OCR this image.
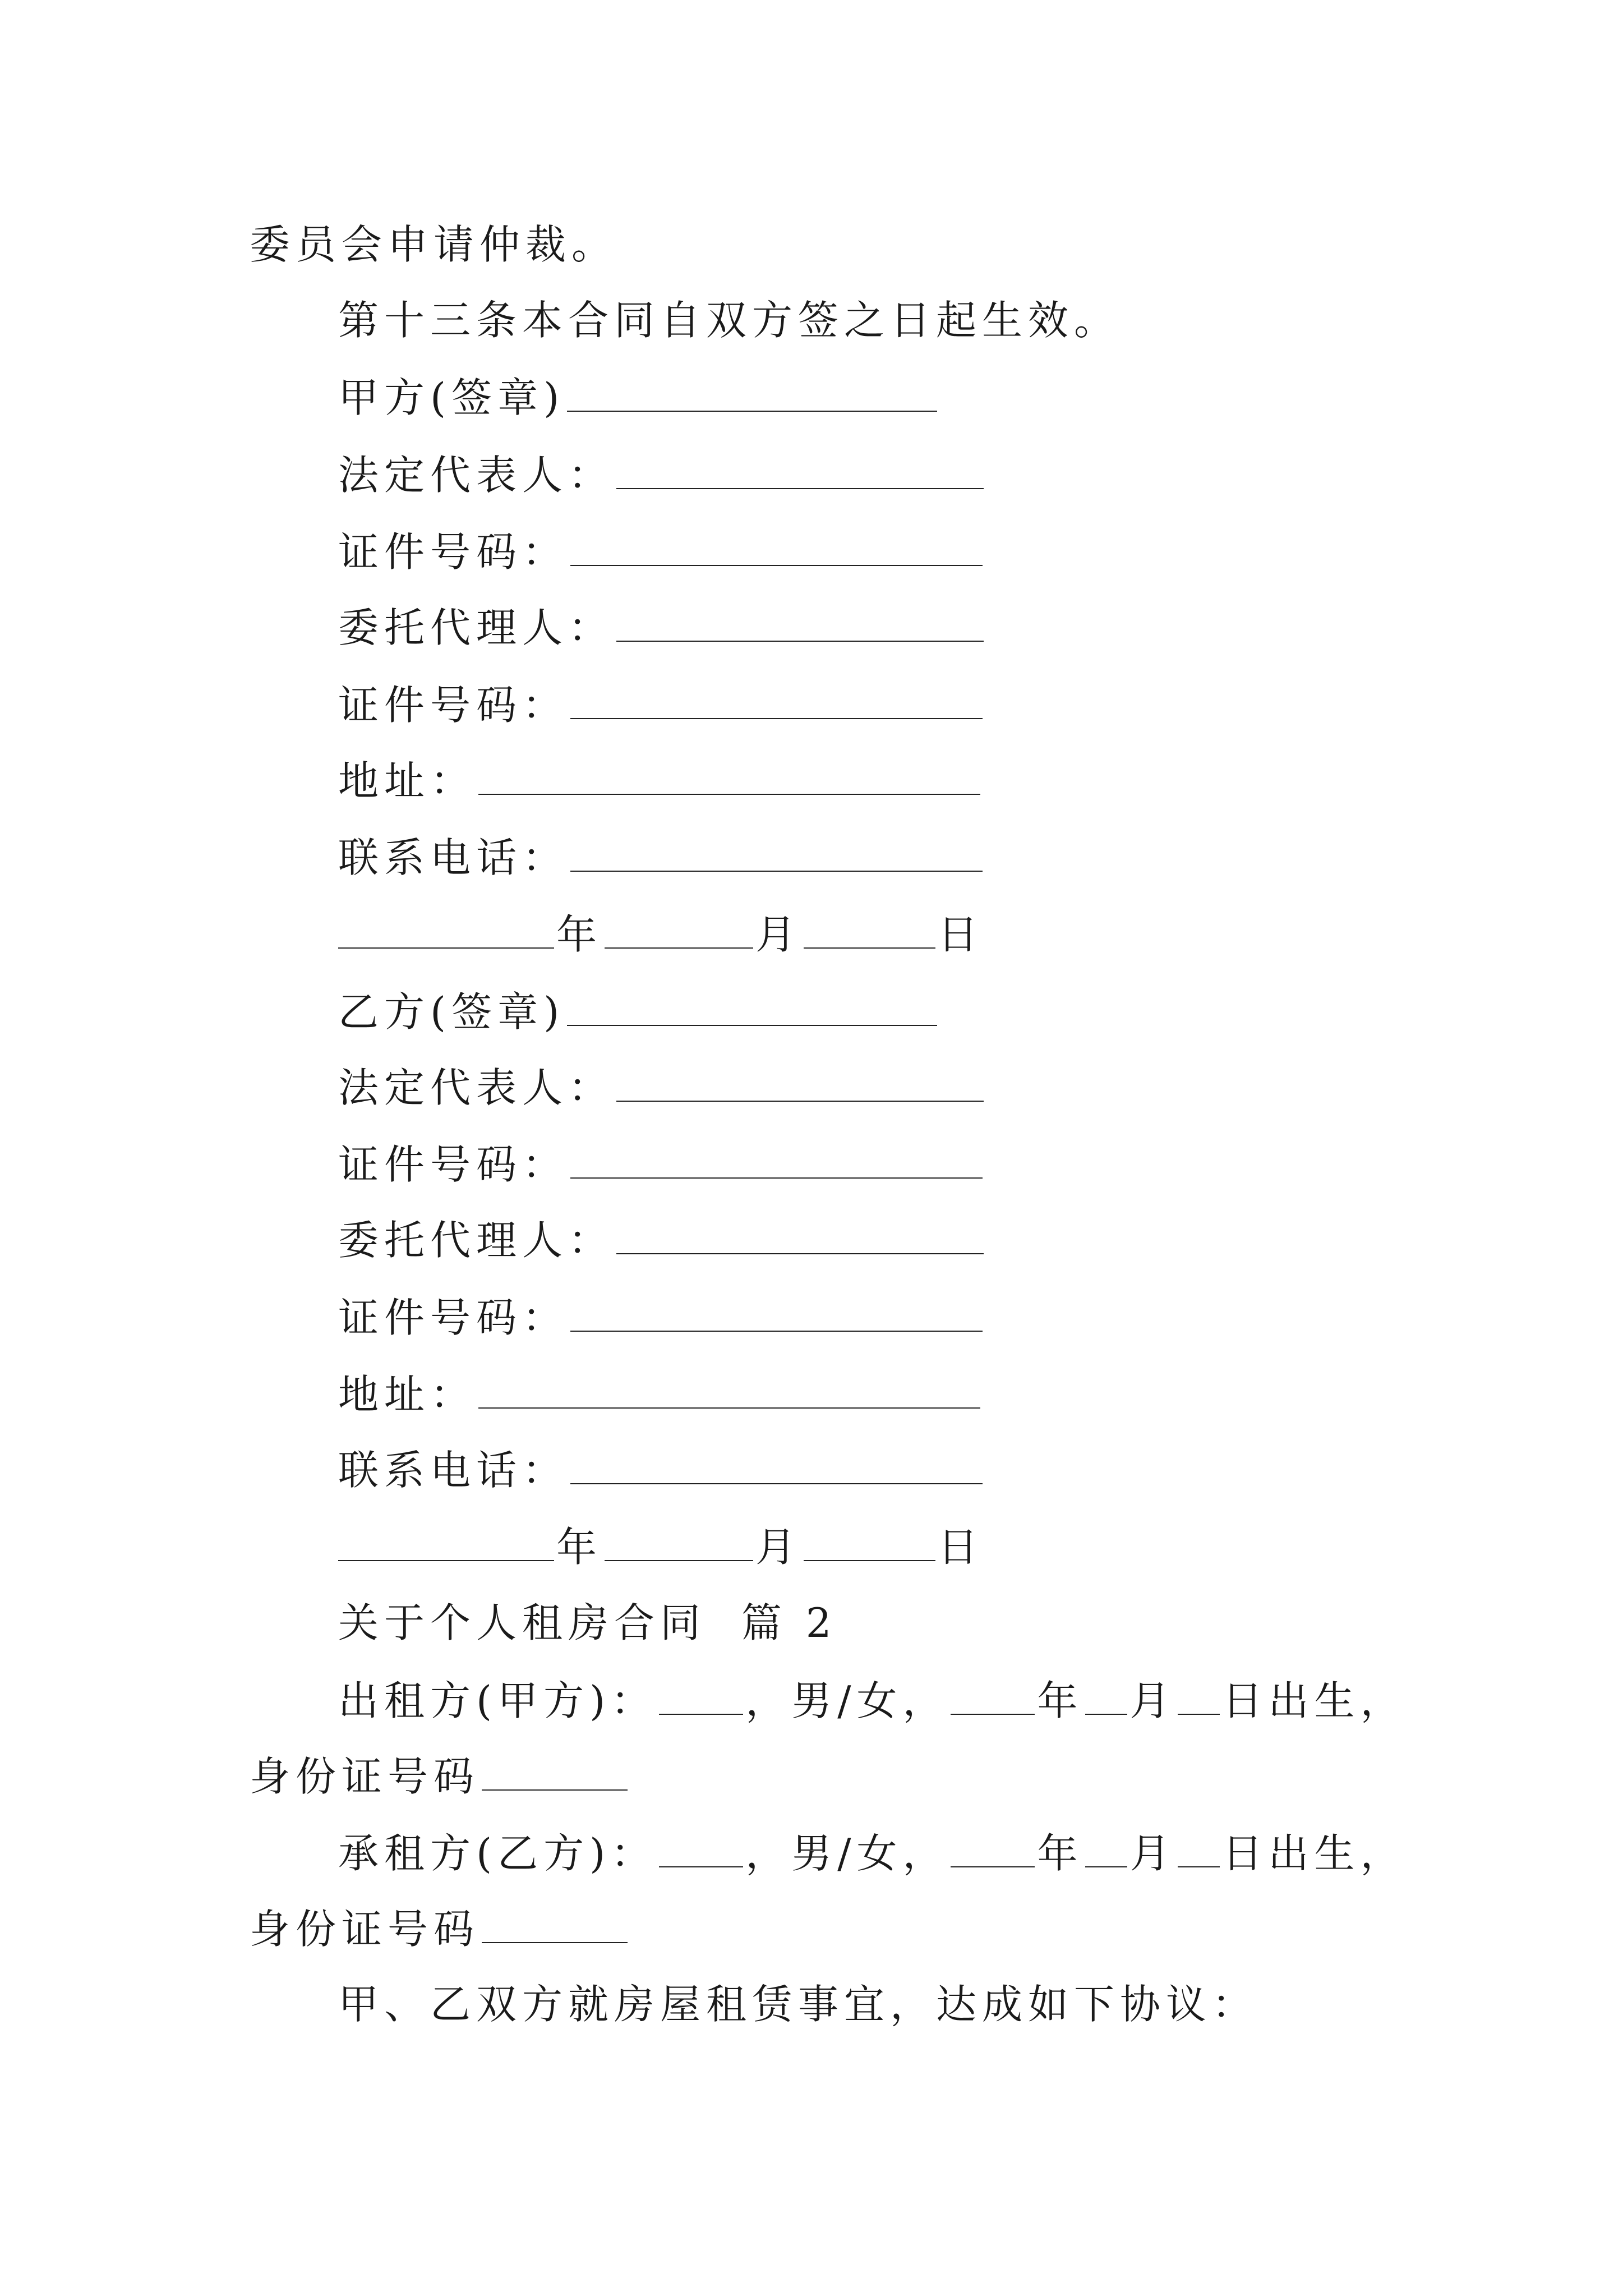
委员会申请仲裁。
第十三条本合同自双方签之日起生效。
甲方(签章)
法定代表人：
证件号码：
委托代理人：
证件号码：
地址：
联系电话：
年	月	日
乙方(签章)
法定代表人：
证件号码：
委托代理人：
证件号码：
地址：
联系电话：
年	月	日
关于个人租房合同 篇 2
出租方(甲方)： ，男/女， 年 月 日出生，
身份证号码
承租方(乙方)： ，男/女， 年 月 日出生，
身份证号码
甲、乙双方就房屋租赁事宜，达成如下协议：
